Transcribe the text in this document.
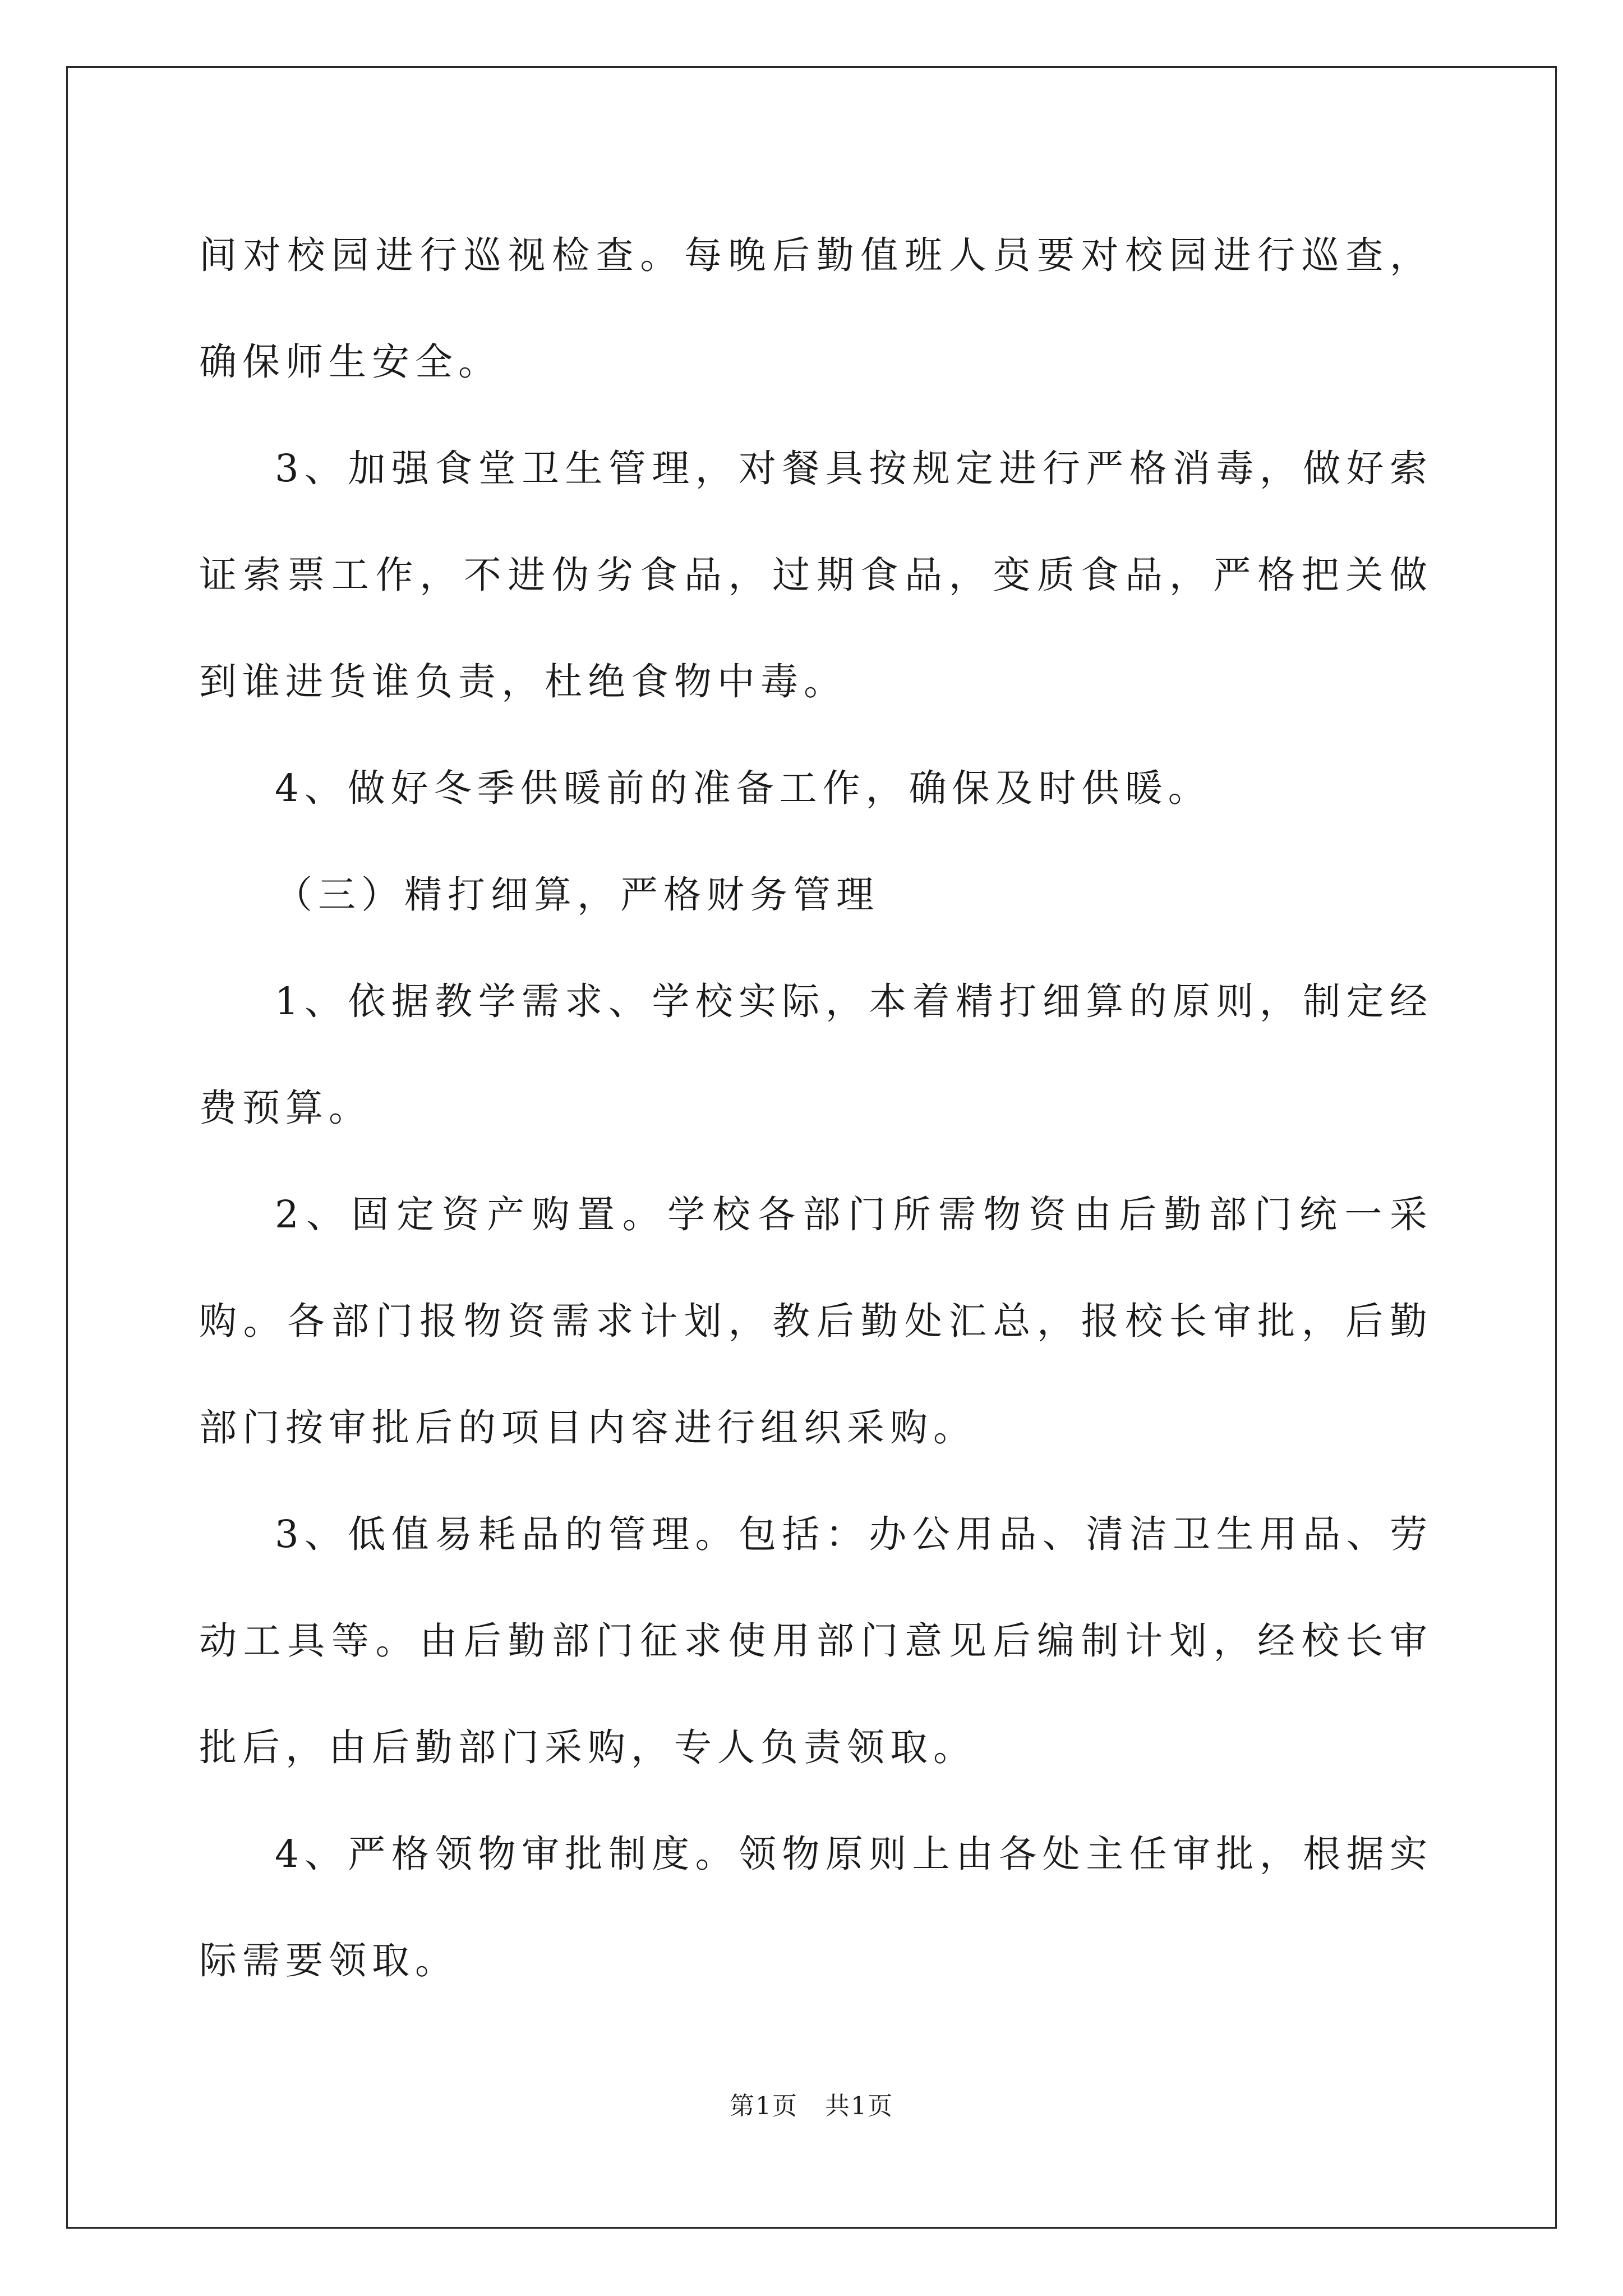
间对校园进行巡视检查。每晚后勤值班人员要对校园进行巡查，确保师生安全。

3、加强食堂卫生管理，对餐具按规定进行严格消毒，做好索证索票工作，不进伪劣食品，过期食品，变质食品，严格把关做到谁进货谁负责，杜绝食物中毒。

4、做好冬季供暖前的准备工作，确保及时供暖。

（三）精打细算，严格财务管理

1、依据教学需求、学校实际，本着精打细算的原则，制定经费预算。

2、固定资产购置。学校各部门所需物资由后勤部门统一采购。各部门报物资需求计划，教后勤处汇总，报校长审批，后勤部门按审批后的项目内容进行组织采购。

3、低值易耗品的管理。包括：办公用品、清洁卫生用品、劳动工具等。由后勤部门征求使用部门意见后编制计划，经校长审批后，由后勤部门采购，专人负责领取。

4、严格领物审批制度。领物原则上由各处主任审批，根据实际需要领取。

第1页   共1页
